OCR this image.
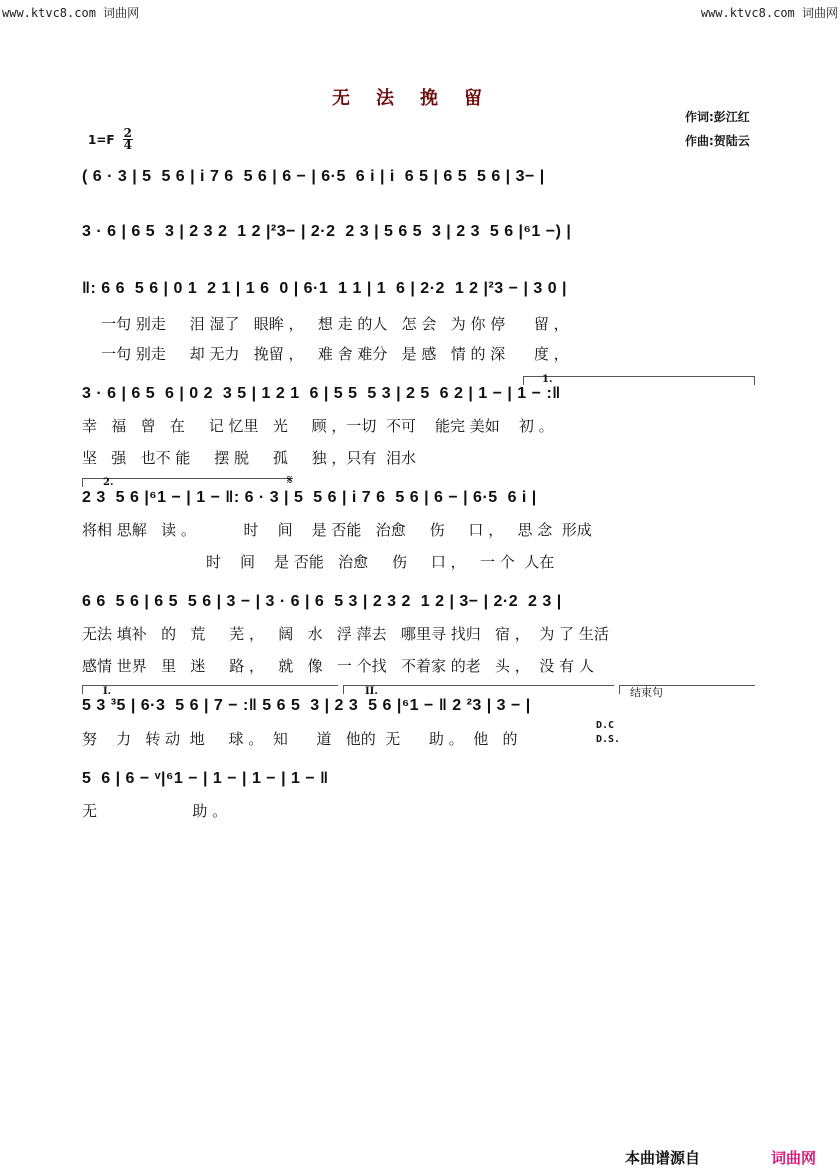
www.ktvc8.com 词曲网	www.ktvc8.com 词曲网
无法挽留
作词:彭江红
作曲:贺陆云
$1=F \frac{2}{4}$
( 6 · 3 | 5  5 6 | i 7 6  5 6 | 6 − | 6·5  6 i | i  6 5 | 6 5  5 6 | 3− |
3 · 6 | 6 5  3 | 2 3 2  1 2 |²3− | 2·2  2 3 | 5 6 5  3 | 2 3  5 6 |⁶1 −) |
‖: 6 6  5 6 | 0 1  2 1 | 1 6  0 | 6·1  1 1 | 1  6 | 2·2  1 2 |²3 − | 3 0 |
一句 别走     泪 湿了   眼眸 ，   想 走 的人   怎 会   为 你 停      留 ，
一句 别走     却 无力   挽留 ，   难 舍 难分   是 感   情 的 深      度 ，
1.
3 · 6 | 6 5  6 | 0 2  3 5 | 1 2 1  6 | 5 5  5 3 | 2 5  6 2 | 1 − | 1 − :‖
幸   福   曾   在     记 忆里   光     顾 ，一切  不可    能完 美如    初 。
坚   强   也不 能     摆 脱     孤     独 ，只有  泪水
2.	𝄋
2 3  5 6 |⁶1 − | 1 − ‖: 6 · 3 | 5  5 6 | i 7 6  5 6 | 6 − | 6·5  6 i |
将相 思解   读 。          时    间    是 否能   治愈     伤     口 ，   思 念  形成
时    间    是 否能   治愈     伤     口 ，   一 个  人在
6 6  5 6 | 6 5  5 6 | 3 − | 3 · 6 | 6  5 3 | 2 3 2  1 2 | 3− | 2·2  2 3 |
无法 填补   的   荒     芜 ，   阔   水   浮 萍去   哪里寻 找归   宿 ，  为 了 生活
感情 世界   里   迷     路 ，   就   像   一 个找   不着家 的老   头 ，  没 有 人
I.	II.	结束句
5 3 ³5 | 6·3  5 6 | 7 − :‖ 5 6 5  3 | 2 3  5 6 |⁶1 − ‖ 2 ²3 | 3 − |
D.C
D.S.
努    力   转 动  地     球 。  知      道   他的  无      助 。  他   的
5  6 | 6 − ᵛ|⁶1 − | 1 − | 1 − | 1 − ‖
无                    助 。
本曲谱源自	词曲网
